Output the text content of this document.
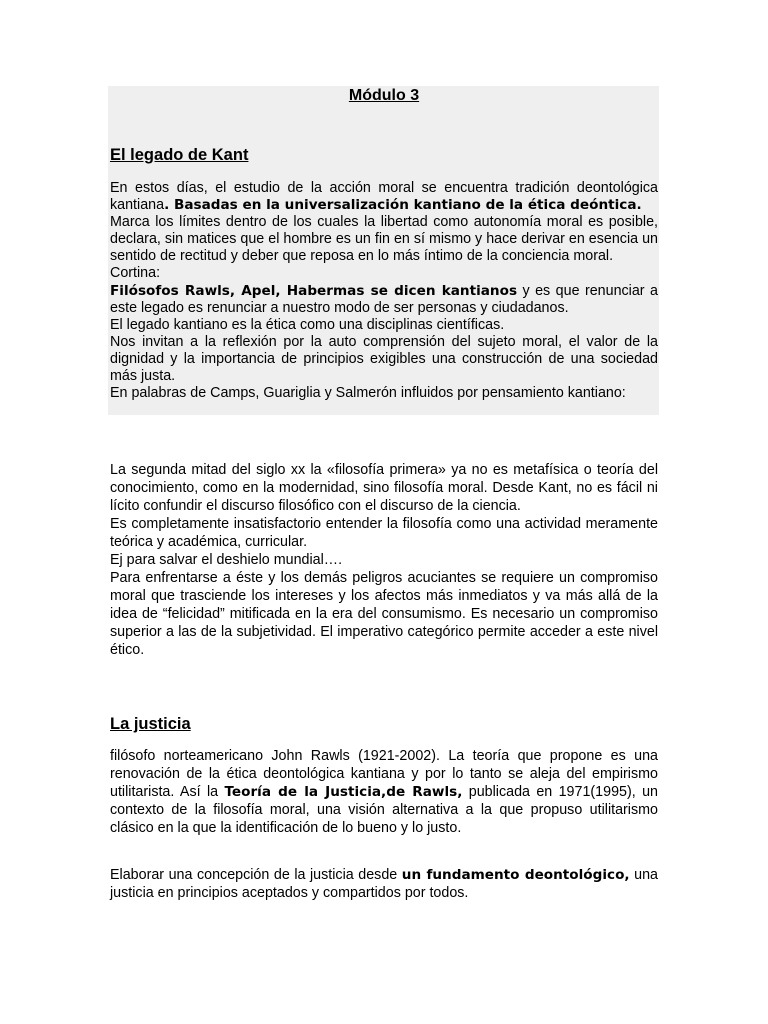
Módulo 3
El legado de Kant

En estos días, el estudio de la acción moral se encuentra tradición deontológica kantiana. Basadas en la universalización kantiano de la ética deóntica.

Marca los límites dentro de los cuales la libertad como autonomía moral es posible, declara, sin matices que el hombre es un fin en sí mismo y hace derivar en esencia un sentido de rectitud y deber que reposa en lo más íntimo de la conciencia moral.

Cortina:

Filósofos Rawls, Apel, Habermas se dicen kantianos y es que renunciar a este legado es renunciar a nuestro modo de ser personas y ciudadanos.

El legado kantiano es la ética como una disciplinas científicas.

Nos invitan a la reflexión por la auto comprensión del sujeto moral, el valor de la dignidad y la importancia de principios exigibles una construcción de una sociedad más justa.

En palabras de Camps, Guariglia y Salmerón influidos por pensamiento kantiano:

La segunda mitad del siglo xx la «filosofía primera» ya no es metafísica o teoría del conocimiento, como en la modernidad, sino filosofía moral. Desde Kant, no es fácil ni lícito confundir el discurso filosófico con el discurso de la ciencia.

Es completamente insatisfactorio entender la filosofía como una actividad meramente teórica y académica, curricular.

Ej para salvar el deshielo mundial….

Para enfrentarse a éste y los demás peligros acuciantes se requiere un compromiso moral que trasciende los intereses y los afectos más inmediatos y va más allá de la idea de “felicidad” mitificada en la era del consumismo. Es necesario un compromiso superior a las de la subjetividad. El imperativo categórico permite acceder a este nivel ético.

La justicia

filósofo norteamericano John Rawls (1921-2002). La teoría que propone es una renovación de la ética deontológica kantiana y por lo tanto se aleja del empirismo utilitarista. Así la Teoría de la Justicia,de Rawls, publicada en 1971(1995), un contexto de la filosofía moral, una visión alternativa a la que propuso utilitarismo clásico en la que la identificación de lo bueno y lo justo.

Elaborar una concepción de la justicia desde un fundamento deontológico, una justicia en principios aceptados y compartidos por todos.
